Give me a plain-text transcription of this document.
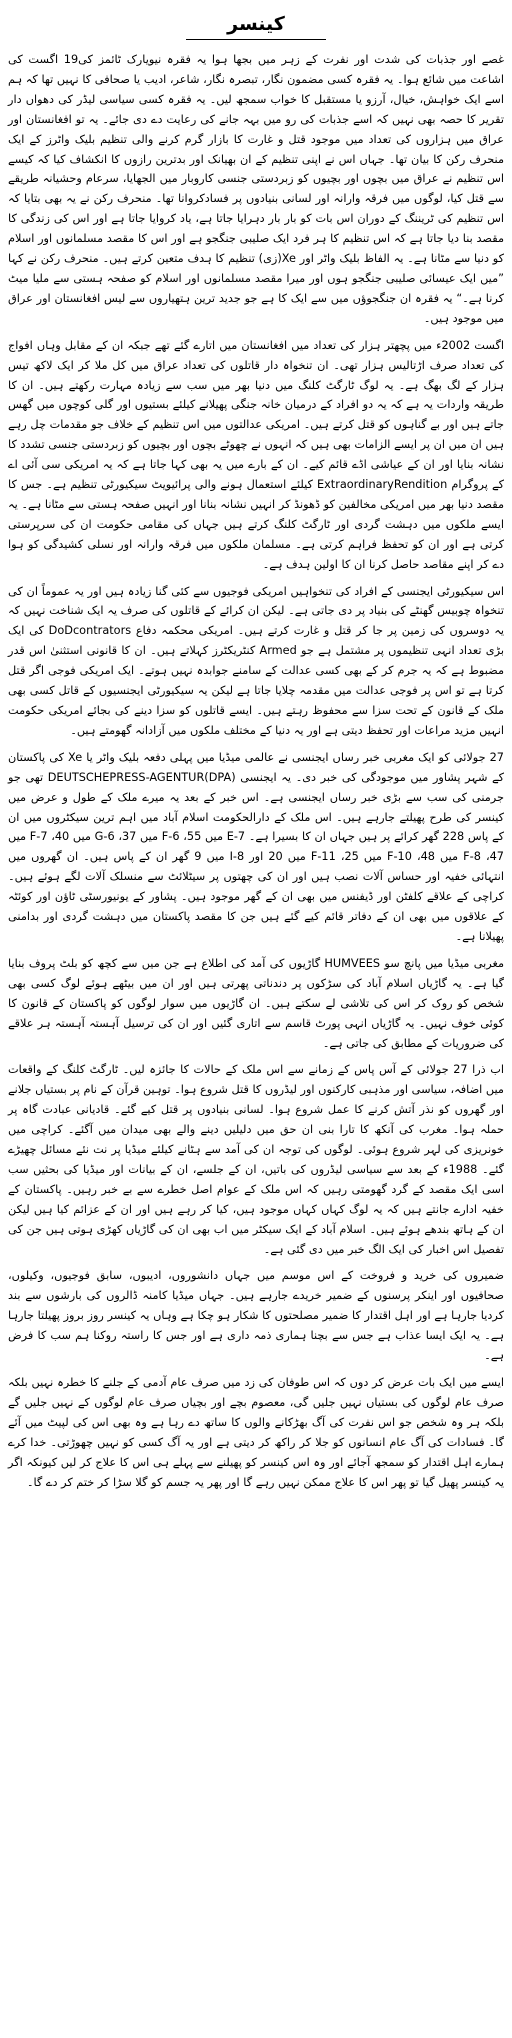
کینسر

غصے اور جذبات کی شدت اور نفرت کے زہر میں بجھا ہوا یہ فقرہ نیویارک ٹائمز کی19 اگست کی اشاعت میں شائع ہوا۔ یہ فقرہ کسی مضمون نگار، تبصرہ نگار، شاعر، ادیب یا صحافی کا نہیں تھا کہ ہم اسے ایک خواہش، خیال، آرزو یا مستقبل کا خواب سمجھ لیں۔ یہ فقرہ کسی سیاسی لیڈر کی دھواں دار تقریر کا حصہ بھی نہیں کہ اسے جذبات کی رو میں بہہ جانے کی رعایت دے دی جائے۔ یہ تو افغانستان اور عراق میں ہزاروں کی تعداد میں موجود قتل و غارت کا بازار گرم کرنے والی تنظیم بلیک واٹرز کے ایک منحرف رکن کا بیان تھا۔ جہاں اس نے اپنی تنظیم کے ان بھیانک اور بدترین رازوں کا انکشاف کیا کہ کیسے اس تنظیم نے عراق میں بچوں اور بچیوں کو زبردستی جنسی کاروبار میں الجھایا، سرعام وحشیانہ طریقے سے قتل کیا، لوگوں میں فرقہ وارانہ اور لسانی بنیادوں پر فسادکروانا تھا۔ منحرف رکن نے یہ بھی بتایا کہ اس تنظیم کی ٹریننگ کے دوران اس بات کو بار بار دہرایا جاتا ہے، یاد کروایا جاتا ہے اور اس کی زندگی کا مقصد بنا دیا جاتا ہے کہ اس تنظیم کا ہر فرد ایک صلیبی جنگجو ہے اور اس کا مقصد مسلمانوں اور اسلام کو دنیا سے مٹانا ہے۔ یہ الفاظ بلیک واٹر اور Xe(زی) تنظیم کا ہدف متعین کرتے ہیں۔ منحرف رکن نے کہا ”میں ایک عیسائی صلیبی جنگجو ہوں اور میرا مقصد مسلمانوں اور اسلام کو صفحہ ہستی سے ملیا میٹ کرنا ہے۔“ یہ فقرہ ان جنگجوؤں میں سے ایک کا ہے جو جدید ترین ہتھیاروں سے لیس افغانستان اور عراق میں موجود ہیں۔

اگست 2002ء میں پچھتر ہزار کی تعداد میں افغانستان میں اتارے گئے تھے جبکہ ان کے مقابل وہاں افواج کی تعداد صرف اڑتالیس ہزار تھی۔ ان تنخواہ دار قاتلوں کی تعداد عراق میں کل ملا کر ایک لاکھ تیس ہزار کے لگ بھگ ہے۔ یہ لوگ ٹارگٹ کلنگ میں دنیا بھر میں سب سے زیادہ مہارت رکھتے ہیں۔ ان کا طریقہ واردات یہ ہے کہ یہ دو افراد کے درمیان خانہ جنگی پھیلانے کیلئے بستیوں اور گلی کوچوں میں گھس جاتے ہیں اور بے گناہوں کو قتل کرتے ہیں۔ امریکی عدالتوں میں اس تنظیم کے خلاف جو مقدمات چل رہے ہیں ان میں ان پر ایسے الزامات بھی ہیں کہ انہوں نے چھوٹے بچوں اور بچیوں کو زبردستی جنسی تشدد کا نشانہ بنایا اور ان کے عیاشی اڈے قائم کیے۔ ان کے بارے میں یہ بھی کہا جاتا ہے کہ یہ امریکی سی آئی اے کے پروگرام ExtraordinaryRendition کیلئے استعمال ہونے والی پرائیویٹ سیکیورٹی تنظیم ہے۔ جس کا مقصد دنیا بھر میں امریکی مخالفین کو ڈھونڈ کر انہیں نشانہ بنانا اور انہیں صفحہ ہستی سے مٹانا ہے۔ یہ ایسے ملکوں میں دہشت گردی اور ٹارگٹ کلنگ کرتے ہیں جہاں کی مقامی حکومت ان کی سرپرستی کرتی ہے اور ان کو تحفظ فراہم کرتی ہے۔ مسلمان ملکوں میں فرقہ وارانہ اور نسلی کشیدگی کو ہوا دے کر اپنے مقاصد حاصل کرنا ان کا اولین ہدف ہے۔

اس سیکیورٹی ایجنسی کے افراد کی تنخواہیں امریکی فوجیوں سے کئی گنا زیادہ ہیں اور یہ عموماً ان کی تنخواہ چوبیس گھنٹے کی بنیاد پر دی جاتی ہے۔ لیکن ان کرائے کے قاتلوں کی صرف یہ ایک شناخت نہیں کہ یہ دوسروں کی زمین پر جا کر قتل و غارت کرتے ہیں۔ امریکی محکمہ دفاع DoDcontrators کی ایک بڑی تعداد انہی تنظیموں پر مشتمل ہے جو Armed کنٹریکٹرز کہلاتے ہیں۔ ان کا قانونی استثنیٰ اس قدر مضبوط ہے کہ یہ جرم کر کے بھی کسی عدالت کے سامنے جوابدہ نہیں ہوتے۔ ایک امریکی فوجی اگر قتل کرتا ہے تو اس پر فوجی عدالت میں مقدمہ چلایا جاتا ہے لیکن یہ سیکیورٹی ایجنسیوں کے قاتل کسی بھی ملک کے قانون کے تحت سزا سے محفوظ رہتے ہیں۔ ایسے قاتلوں کو سزا دینے کی بجائے امریکی حکومت انہیں مزید مراعات اور تحفظ دیتی ہے اور یہ دنیا کے مختلف ملکوں میں آزادانہ گھومتے ہیں۔

27 جولائی کو ایک مغربی خبر رساں ایجنسی نے عالمی میڈیا میں پہلی دفعہ بلیک واٹر یا Xe کی پاکستان کے شہر پشاور میں موجودگی کی خبر دی۔ یہ ایجنسی (DEUTSCHEPRESS-AGENTUR(DPA تھی جو جرمنی کی سب سے بڑی خبر رساں ایجنسی ہے۔ اس خبر کے بعد یہ میرے ملک کے طول و عرض میں کینسر کی طرح پھیلتے جارہے ہیں۔ اس ملک کے دارالحکومت اسلام آباد میں اہم ترین سیکٹروں میں ان کے پاس 228 گھر کرائے پر ہیں جہاں ان کا بسیرا ہے۔ E-7 میں 55، F-6 میں 37، G-6 میں 40، F-7 میں 47، F-8 میں 48، F-10 میں 25، F-11 میں 20 اور I-8 میں 9 گھر ان کے پاس ہیں۔ ان گھروں میں انتہائی خفیہ اور حساس آلات نصب ہیں اور ان کی چھتوں پر سیٹلائٹ سے منسلک آلات لگے ہوئے ہیں۔ کراچی کے علاقے کلفٹن اور ڈیفنس میں بھی ان کے گھر موجود ہیں۔ پشاور کے یونیورسٹی ٹاؤن اور کوئٹہ کے علاقوں میں بھی ان کے دفاتر قائم کیے گئے ہیں جن کا مقصد پاکستان میں دہشت گردی اور بدامنی پھیلانا ہے۔

مغربی میڈیا میں پانچ سو HUMVEES گاڑیوں کی آمد کی اطلاع ہے جن میں سے کچھ کو بلٹ پروف بنایا گیا ہے۔ یہ گاڑیاں اسلام آباد کی سڑکوں پر دندناتی پھرتی ہیں اور ان میں بیٹھے ہوئے لوگ کسی بھی شخص کو روک کر اس کی تلاشی لے سکتے ہیں۔ ان گاڑیوں میں سوار لوگوں کو پاکستان کے قانون کا کوئی خوف نہیں۔ یہ گاڑیاں انہی پورٹ قاسم سے اتاری گئیں اور ان کی ترسیل آہستہ آہستہ ہر علاقے کی ضروریات کے مطابق کی جاتی ہے۔

اب ذرا 27 جولائی کے آس پاس کے زمانے سے اس ملک کے حالات کا جائزہ لیں۔ ٹارگٹ کلنگ کے واقعات میں اضافہ، سیاسی اور مذہبی کارکنوں اور لیڈروں کا قتل شروع ہوا۔ توہین قرآن کے نام پر بستیاں جلانے اور گھروں کو نذر آتش کرنے کا عمل شروع ہوا۔ لسانی بنیادوں پر قتل کیے گئے۔ قادیانی عبادت گاہ پر حملہ ہوا۔ مغرب کی آنکھ کا تارا بنی ان حق میں دلیلیں دینے والے بھی میدان میں آگئے۔ کراچی میں خونریزی کی لہر شروع ہوئی۔ لوگوں کی توجہ ان کی آمد سے ہٹانے کیلئے میڈیا پر نت نئے مسائل چھیڑے گئے۔ 1988ء کے بعد سے سیاسی لیڈروں کی باتیں، ان کے جلسے، ان کے بیانات اور میڈیا کی بحثیں سب اسی ایک مقصد کے گرد گھومتی رہیں کہ اس ملک کے عوام اصل خطرے سے بے خبر رہیں۔ پاکستان کے خفیہ ادارے جانتے ہیں کہ یہ لوگ کہاں کہاں موجود ہیں، کیا کر رہے ہیں اور ان کے عزائم کیا ہیں لیکن ان کے ہاتھ بندھے ہوئے ہیں۔ اسلام آباد کے ایک سیکٹر میں اب بھی ان کی گاڑیاں کھڑی ہوتی ہیں جن کی تفصیل اس اخبار کی ایک الگ خبر میں دی گئی ہے۔

ضمیروں کی خرید و فروخت کے اس موسم میں جہاں دانشوروں، ادیبوں، سابق فوجیوں، وکیلوں، صحافیوں اور اینکر پرسنوں کے ضمیر خریدے جارہے ہیں۔ جہاں میڈیا کامنہ ڈالروں کی بارشوں سے بند کردیا جارہا ہے اور اہل اقتدار کا ضمیر مصلحتوں کا شکار ہو چکا ہے وہاں یہ کینسر روز بروز پھیلتا جارہا ہے۔ یہ ایک ایسا عذاب ہے جس سے بچنا ہماری ذمہ داری ہے اور جس کا راستہ روکنا ہم سب کا فرض ہے۔

ایسے میں ایک بات عرض کر دوں کہ اس طوفان کی زد میں صرف عام آدمی کے جلنے کا خطرہ نہیں بلکہ صرف عام لوگوں کی بستیاں نہیں جلیں گی، معصوم بچے اور بچیاں صرف عام لوگوں کے نہیں جلیں گے بلکہ ہر وہ شخص جو اس نفرت کی آگ بھڑکانے والوں کا ساتھ دے رہا ہے وہ بھی اس کی لپیٹ میں آئے گا۔ فسادات کی آگ عام انسانوں کو جلا کر راکھ کر دیتی ہے اور یہ آگ کسی کو نہیں چھوڑتی۔ خدا کرے ہمارے اہل اقتدار کو سمجھ آجائے اور وہ اس کینسر کو پھیلنے سے پہلے ہی اس کا علاج کر لیں کیونکہ اگر یہ کینسر پھیل گیا تو پھر اس کا علاج ممکن نہیں رہے گا اور پھر یہ جسم کو گلا سڑا کر ختم کر دے گا۔
